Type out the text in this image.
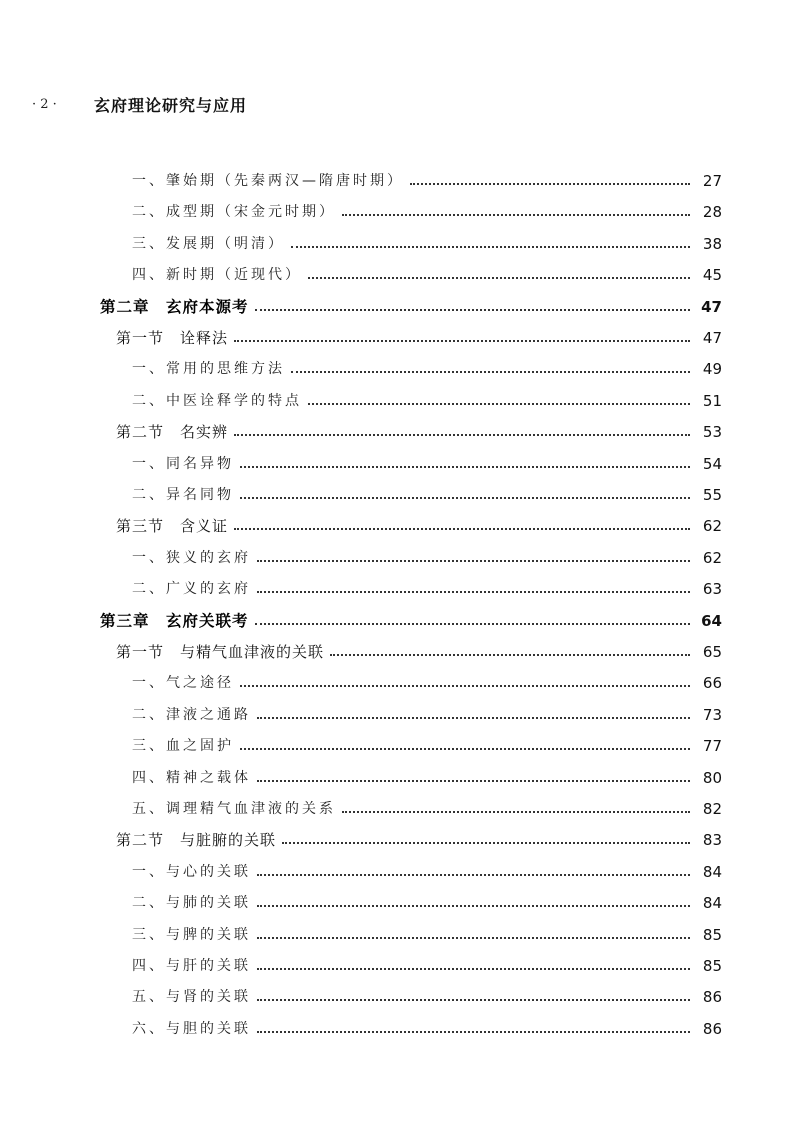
· 2 ·	玄府理论研究与应用
一、肇始期（先秦两汉—隋唐时期）	27
二、成型期（宋金元时期）	28
三、发展期（明清）	38
四、新时期（近现代）	45
第二章　玄府本源考	47
第一节　诠释法	47
一、常用的思维方法	49
二、中医诠释学的特点	51
第二节　名实辨	53
一、同名异物	54
二、异名同物	55
第三节　含义证	62
一、狭义的玄府	62
二、广义的玄府	63
第三章　玄府关联考	64
第一节　与精气血津液的关联	65
一、气之途径	66
二、津液之通路	73
三、血之固护	77
四、精神之载体	80
五、调理精气血津液的关系	82
第二节　与脏腑的关联	83
一、与心的关联	84
二、与肺的关联	84
三、与脾的关联	85
四、与肝的关联	85
五、与肾的关联	86
六、与胆的关联	86
